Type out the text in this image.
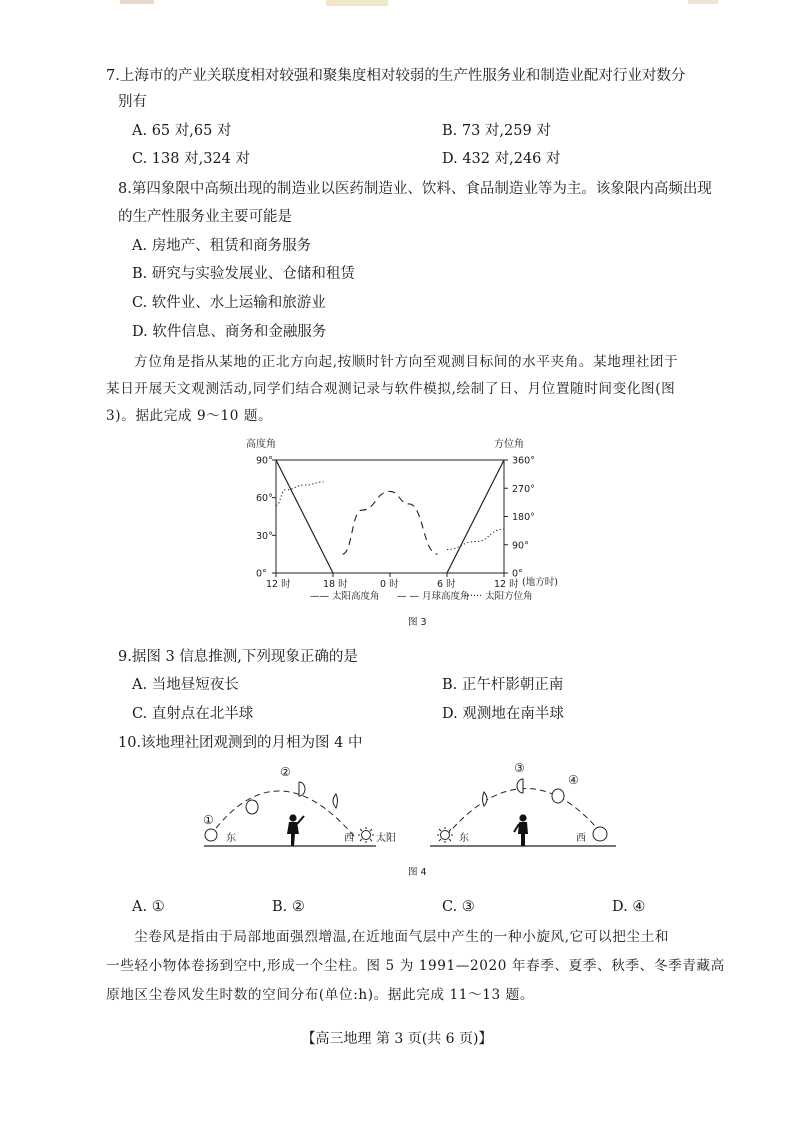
7.上海市的产业关联度相对较强和聚集度相对较弱的生产性服务业和制造业配对行业对数分
别有
A. 65 对,65 对	B. 73 对,259 对
C. 138 对,324 对	D. 432 对,246 对
8.第四象限中高频出现的制造业以医药制造业、饮料、食品制造业等为主。该象限内高频出现
的生产性服务业主要可能是
A. 房地产、租赁和商务服务
B. 研究与实验发展业、仓储和租赁
C. 软件业、水上运输和旅游业
D. 软件信息、商务和金融服务
方位角是指从某地的正北方向起,按顺时针方向至观测目标间的水平夹角。某地理社团于
某日开展天文观测活动,同学们结合观测记录与软件模拟,绘制了日、月位置随时间变化图(图
3)。据此完成 9～10 题。
高度角	方位角
90°
60°
30°
0°
360°
270°
180°
90°
0°
12 时	18 时	0 时	6 时	12 时 (地方时)
—— 太阳高度角 — — 月球高度角
······ 太阳方位角
图 3
9.据图 3 信息推测,下列现象正确的是
A. 当地昼短夜长	B. 正午杆影朝正南
C. 直射点在北半球	D. 观测地在南半球
10.该地理社团观测到的月相为图 4 中
①
东
②
西 太阳	东
③
④
西
图 4
A. ①	B. ②	C. ③	D. ④
尘卷风是指由于局部地面强烈增温,在近地面气层中产生的一种小旋风,它可以把尘土和
一些轻小物体卷扬到空中,形成一个尘柱。图 5 为 1991—2020 年春季、夏季、秋季、冬季青藏高
原地区尘卷风发生时数的空间分布(单位:h)。据此完成 11～13 题。
【高三地理 第 3 页(共 6 页)】
